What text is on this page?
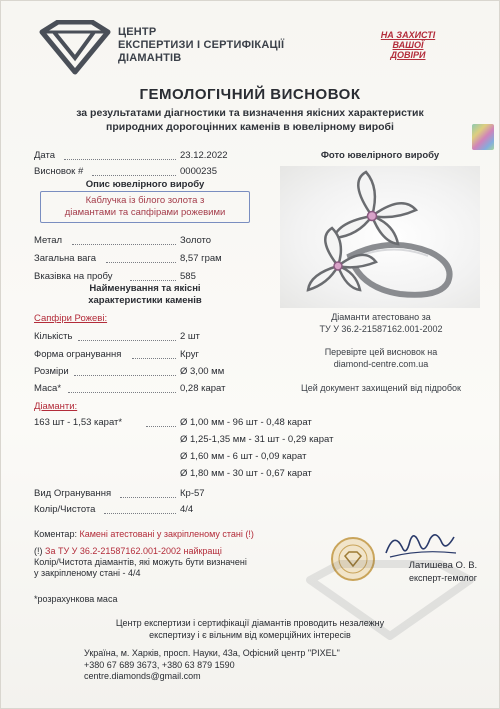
ЦЕНТР
ЕКСПЕРТИЗИ І СЕРТИФІКАЦІЇ
ДІАМАНТІВ
НА ЗАХИСТІ
ВАШОЇ
ДОВІРИ
ГЕМОЛОГІЧНИЙ ВИСНОВОК
за результатами діагностики та визначення якісних характеристик
природних дорогоцінних каменів в ювелірному виробі
Дата	23.12.2022
Висновок #	0000235
Опис ювелірного виробу
Каблучка із білого золота з
діамантами та сапфірами рожевими
Метал	Золото
Загальна вага	8,57 грам
Вказівка на пробу	585
Найменування та якісні
характеристики каменів
Сапфіри Рожеві:
Кількість	2 шт
Форма огранування	Круг
Розміри	Ø 3,00 мм
Маса*	0,28 карат
Діаманти:
163 шт - 1,53 карат*	Ø 1,00 мм - 96 шт - 0,48 карат
Ø 1,25-1,35 мм - 31 шт - 0,29 карат
Ø 1,60 мм - 6 шт - 0,09 карат
Ø 1,80 мм - 30 шт - 0,67 карат
Вид Огранування	Кр-57
Колір/Чистота	4/4
Фото ювелірного виробу
Діаманти атестовано за
ТУ У 36.2-21587162.001-2002
Перевірте цей висновок на
diamond-centre.com.ua
Цей документ захищений від підробок
Коментар: Камені атестовані у закріпленому стані (!)
(!) За ТУ У 36.2-21587162.001-2002 найкращі
Колір/Чистота діамантів, які можуть бути визначені
у закріпленому стані - 4/4
*розрахункова маса
Латишева О. В.
експерт-гемолог
Центр експертизи і сертифікації діамантів проводить незалежну
експертизу і є вільним від комерційних інтересів
Україна, м. Харків, просп. Науки, 43а, Офісний центр "PIXEL"
+380 67 689 3673, +380 63 879 1590
centre.diamonds@gmail.com
